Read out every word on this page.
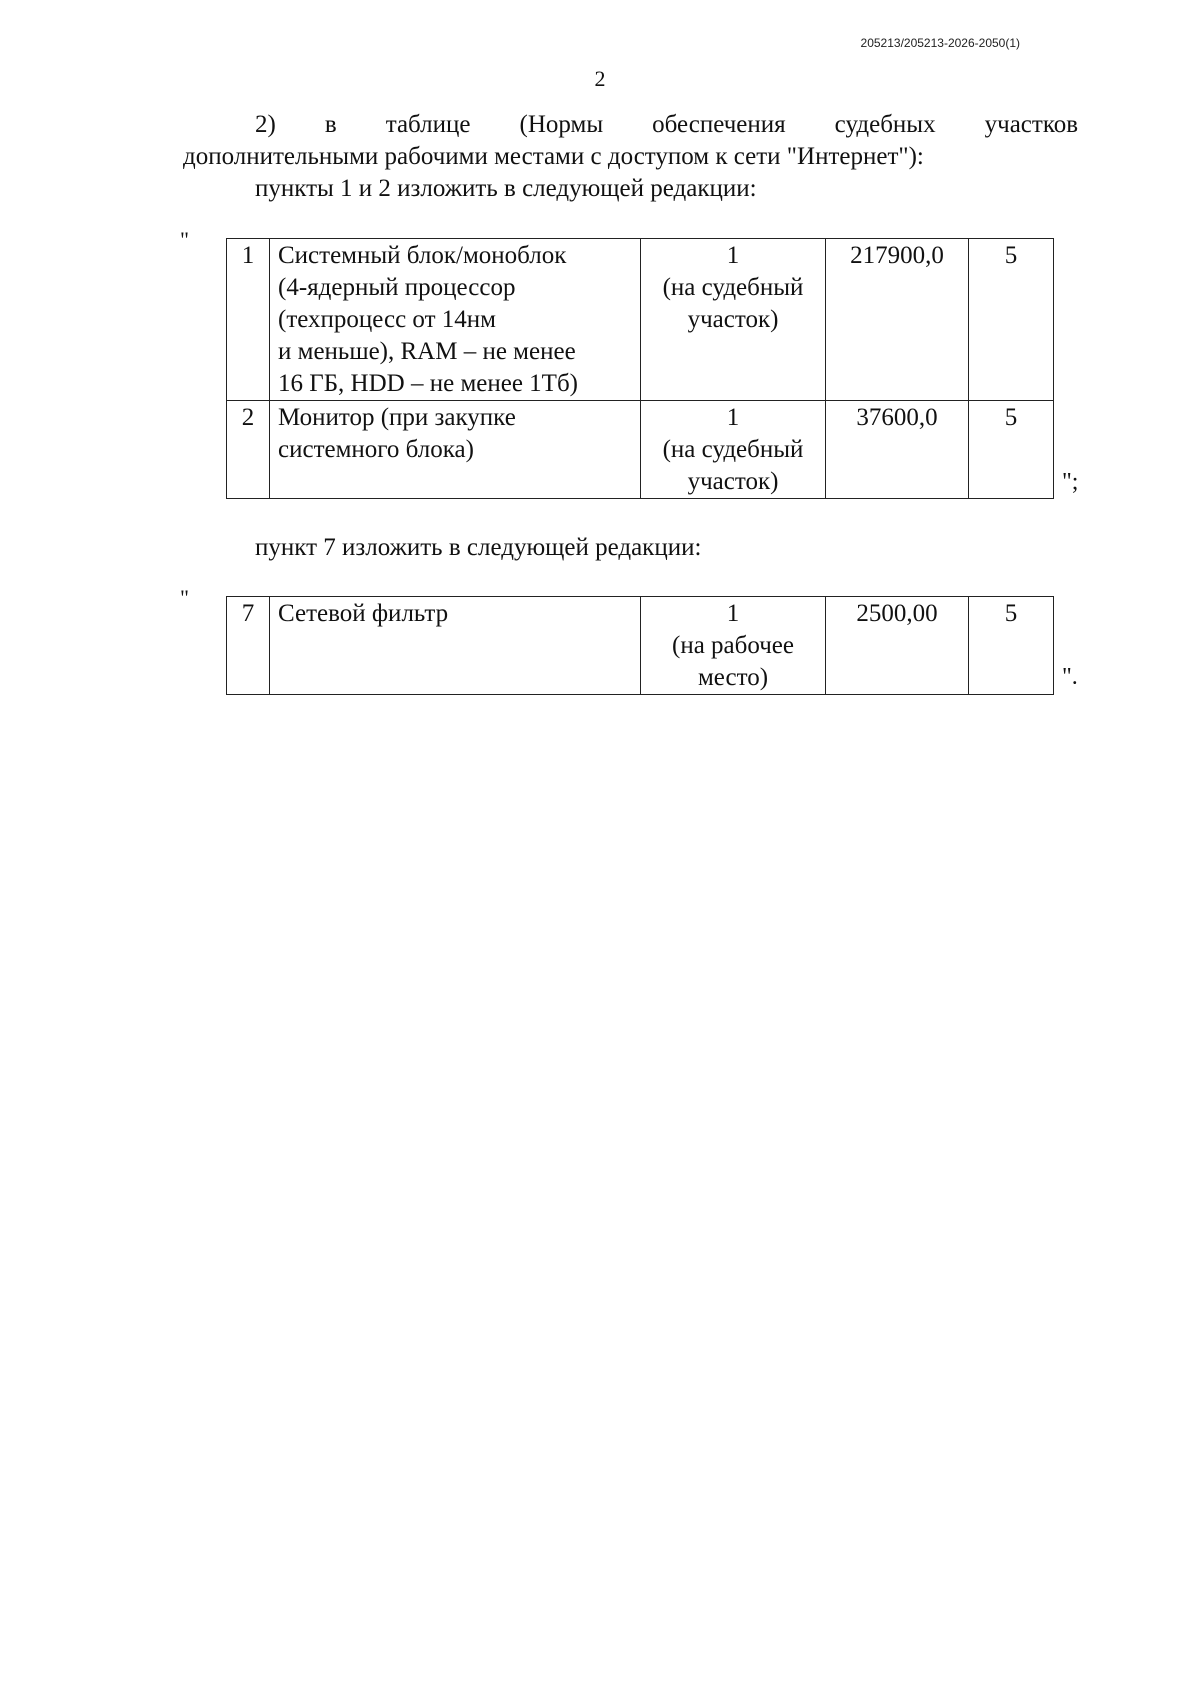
205213/205213-2026-2050(1)
2
2) в таблице (Нормы обеспечения судебных участков
дополнительными рабочими местами с доступом к сети "Интернет"):
пункты 1 и 2 изложить в следующей редакции:
"
1	Системный блок/моноблок
(4-ядерный процессор
(техпроцесс от 14нм
и меньше), RAM – не менее
16 ГБ, HDD – не менее 1Тб)	1
(на судебный
участок)	217900,0	5
2	Монитор (при закупке
системного блока)	1
(на судебный
участок)	37600,0	5
";
пункт 7 изложить в следующей редакции:
"
7	Сетевой фильтр	1
(на рабочее
место)
	2500,00	5
".
